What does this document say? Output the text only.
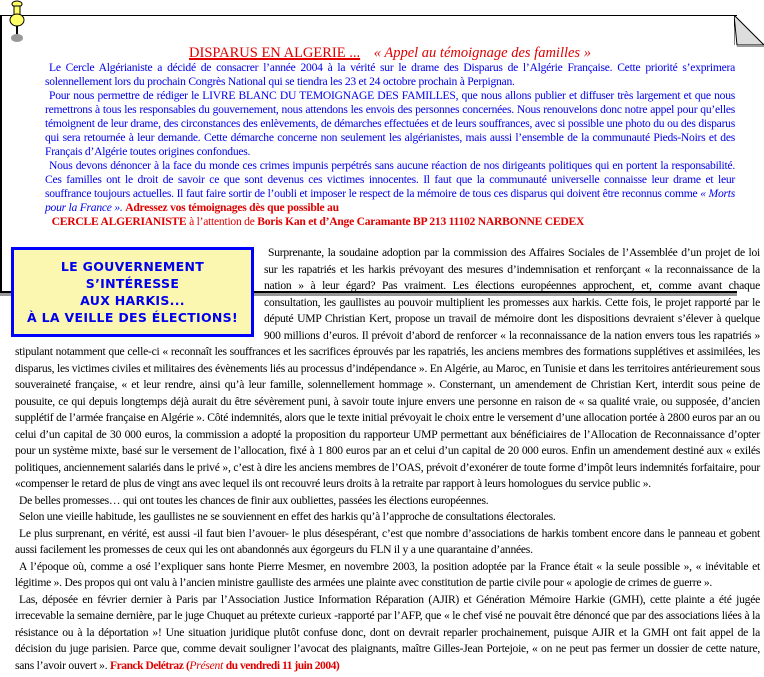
DISPARUS EN ALGERIE ... « Appel au témoignage des familles »

Le Cercle Algérianiste a décidé de consacrer l’année 2004 à la vérité sur le drame des Disparus de l’Algérie Française. Cette priorité s’exprimera solennellement lors du prochain Congrès National qui se tiendra les 23 et 24 octobre prochain à Perpignan.

Pour nous permettre de rédiger le LIVRE BLANC DU TEMOIGNAGE DES FAMILLES, que nous allons publier et diffuser très largement et que nous remettrons à tous les responsables du gouvernement, nous attendons les envois des personnes concernées. Nous renouvelons donc notre appel pour qu’elles témoignent de leur drame, des circonstances des enlèvements, de démarches effectuées et de leurs souffrances, avec si possible une photo du ou des disparus qui sera retournée à leur demande. Cette démarche concerne non seulement les algérianistes, mais aussi l’ensemble de la communauté Pieds-Noirs et des Français d’Algérie toutes origines confondues.

Nous devons dénoncer à la face du monde ces crimes impunis perpétrés sans aucune réaction de nos dirigeants politiques qui en portent la responsabilité. Ces familles ont le droit de savoir ce que sont devenus ces victimes innocentes. Il faut que la communauté universelle connaisse leur drame et leur souffrance toujours actuelles. Il faut faire sortir de l’oubli et imposer le respect de la mémoire de tous ces disparus qui doivent être reconnus comme « Morts pour la France ». Adressez vos témoignages dès que possible au

CERCLE ALGERIANISTE à l’attention de Boris Kan et d’Ange Caramante BP 213 11102 NARBONNE CEDEX

LE GOUVERNEMENT S’INTÉRESSE
AUX HARKIS...
À LA VEILLE DES ÉLECTIONS!

Surprenante, la soudaine adoption par la commission des Affaires Sociales de l’Assemblée d’un projet de loi sur les rapatriés et les harkis prévoyant des mesures d’indemnisation et renforçant « la reconnaissance de la nation » à leur égard? Pas vraiment. Les élections européennes approchent, et, comme avant chaque consultation, les gaullistes au pouvoir multiplient les promesses aux harkis. Cette fois, le projet rapporté par le député UMP Christian Kert, propose un travail de mémoire dont les dispositions devraient s’élever à quelque 900 millions d’euros. Il prévoit d’abord de renforcer « la reconnaissance de la nation envers tous les rapatriés » stipulant notamment que celle-ci « reconnaît les souffrances et les sacrifices éprouvés par les rapatriés, les anciens membres des formations supplétives et assimilées, les disparus, les victimes civiles et militaires des évènements liés au processus d’indépendance ». En Algérie, au Maroc, en Tunisie et dans les territoires antérieurement sous souveraineté française, « et leur rendre, ainsi qu’à leur famille, solennellement hommage ». Consternant, un amendement de Christian Kert, interdit sous peine de pousuite, ce qui depuis longtemps déjà aurait du être sévèrement puni, à savoir toute injure envers une personne en raison de « sa qualité vraie, ou supposée, d’ancien supplétif de l’armée française en Algérie ». Côté indemnités, alors que le texte initial prévoyait le choix entre le versement d’une allocation portée à 2800 euros par an ou celui d’un capital de 30 000 euros, la commission a adopté la proposition du rapporteur UMP permettant aux bénéficiaires de l’Allocation de Reconnaissance d’opter pour un système mixte, basé sur le versement de l’allocation, fixé à 1 800 euros par an et celui d’un capital de 20 000 euros. Enfin un amendement destiné aux « exilés politiques, anciennement salariés dans le privé », c’est à dire les anciens membres de l’OAS, prévoit d’exonérer de toute forme d’impôt leurs indemnités forfaitaire, pour «compenser le retard de plus de vingt ans avec lequel ils ont recouvré leurs droits à la retraite par rapport à leurs homologues du service public ».

De belles promesses… qui ont toutes les chances de finir aux oubliettes, passées les élections européennes.

Selon une vieille habitude, les gaullistes ne se souviennent en effet des harkis qu’à l’approche de consultations électorales.

Le plus surprenant, en vérité, est aussi -il faut bien l’avouer- le plus désespérant, c’est que nombre d’associations de harkis tombent encore dans le panneau et gobent aussi facilement les promesses de ceux qui les ont abandonnés aux égorgeurs du FLN il y a une quarantaine d’années.

A l’époque où, comme a osé l’expliquer sans honte Pierre Mesmer, en novembre 2003, la position adoptée par la France était « la seule possible », « inévitable et légitime ». Des propos qui ont valu à l’ancien ministre gaulliste des armées une plainte avec constitution de partie civile pour « apologie de crimes de guerre ».

Las, déposée en février dernier à Paris par l’Association Justice Information Réparation (AJIR) et Génération Mémoire Harkie (GMH), cette plainte a été jugée irrecevable la semaine dernière, par le juge Chuquet au prétexte curieux -rapporté par l’AFP, que « le chef visé ne pouvait être dénoncé que par des associations liées à la résistance ou à la déportation »! Une situation juridique plutôt confuse donc, dont on devrait reparler prochainement, puisque AJIR et la GMH ont fait appel de la décision du juge parisien. Parce que, comme devait souligner l’avocat des plaignants, maître Gilles-Jean Portejoie, « on ne peut pas fermer un dossier de cette nature, sans l’avoir ouvert ». Franck Delétraz (Présent du vendredi 11 juin 2004)
